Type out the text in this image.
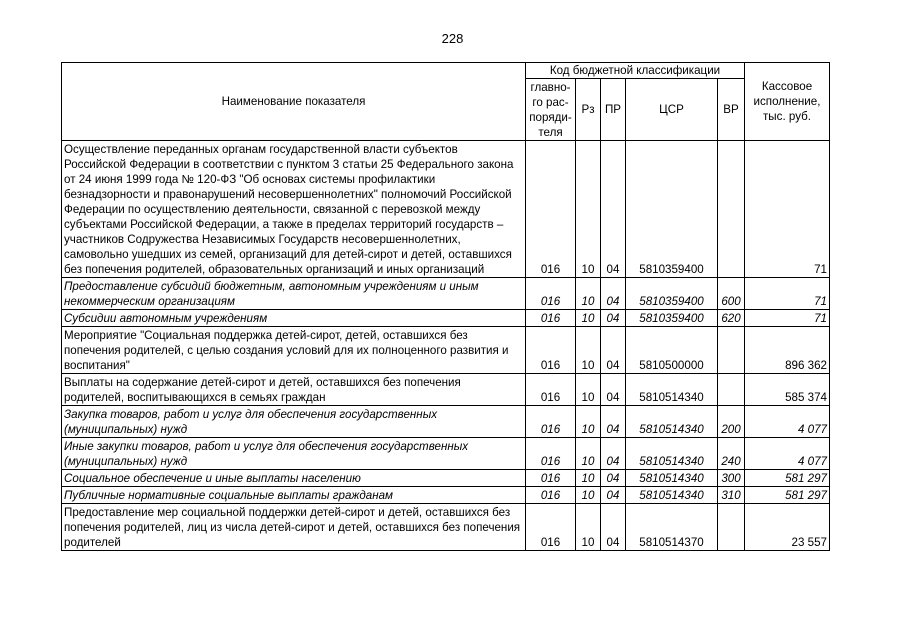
228
Наименование показателя	Код бюджетной классификации					Кассовое исполнение, тыс. руб.
	главно-го рас-поряди-теля	Рз	ПР	ЦСР	ВР	
Осуществление переданных органам государственной власти субъектов Российской Федерации в соответствии с пунктом 3 статьи 25 Федерального закона от 24 июня 1999 года № 120-ФЗ "Об основах системы профилактики безнадзорности и правонарушений несовершеннолетних" полномочий Российской Федерации по осуществлению деятельности, связанной с перевозкой между субъектами Российской Федерации, а также в пределах территорий государств – участников Содружества Независимых Государств несовершеннолетних, самовольно ушедших из семей, организаций для детей-сирот и детей, оставшихся без попечения родителей, образовательных организаций и иных организаций	016	10	04	5810359400		71
Предоставление субсидий бюджетным, автономным учреждениям и иным некоммерческим организациям	016	10	04	5810359400	600	71
Субсидии автономным учреждениям	016	10	04	5810359400	620	71
Мероприятие "Социальная поддержка детей-сирот, детей, оставшихся без попечения родителей, с целью создания условий для их полноценного развития и воспитания"	016	10	04	5810500000		896 362
Выплаты на содержание детей-сирот и детей, оставшихся без попечения родителей, воспитывающихся в семьях граждан	016	10	04	5810514340		585 374
Закупка товаров, работ и услуг для обеспечения государственных (муниципальных) нужд	016	10	04	5810514340	200	4 077
Иные закупки товаров, работ и услуг для обеспечения государственных (муниципальных) нужд	016	10	04	5810514340	240	4 077
Социальное обеспечение и иные выплаты населению	016	10	04	5810514340	300	581 297
Публичные нормативные социальные выплаты гражданам	016	10	04	5810514340	310	581 297
Предоставление мер социальной поддержки детей-сирот и детей, оставшихся без попечения родителей, лиц из числа детей-сирот и детей, оставшихся без попечения родителей	016	10	04	5810514370		23 557
